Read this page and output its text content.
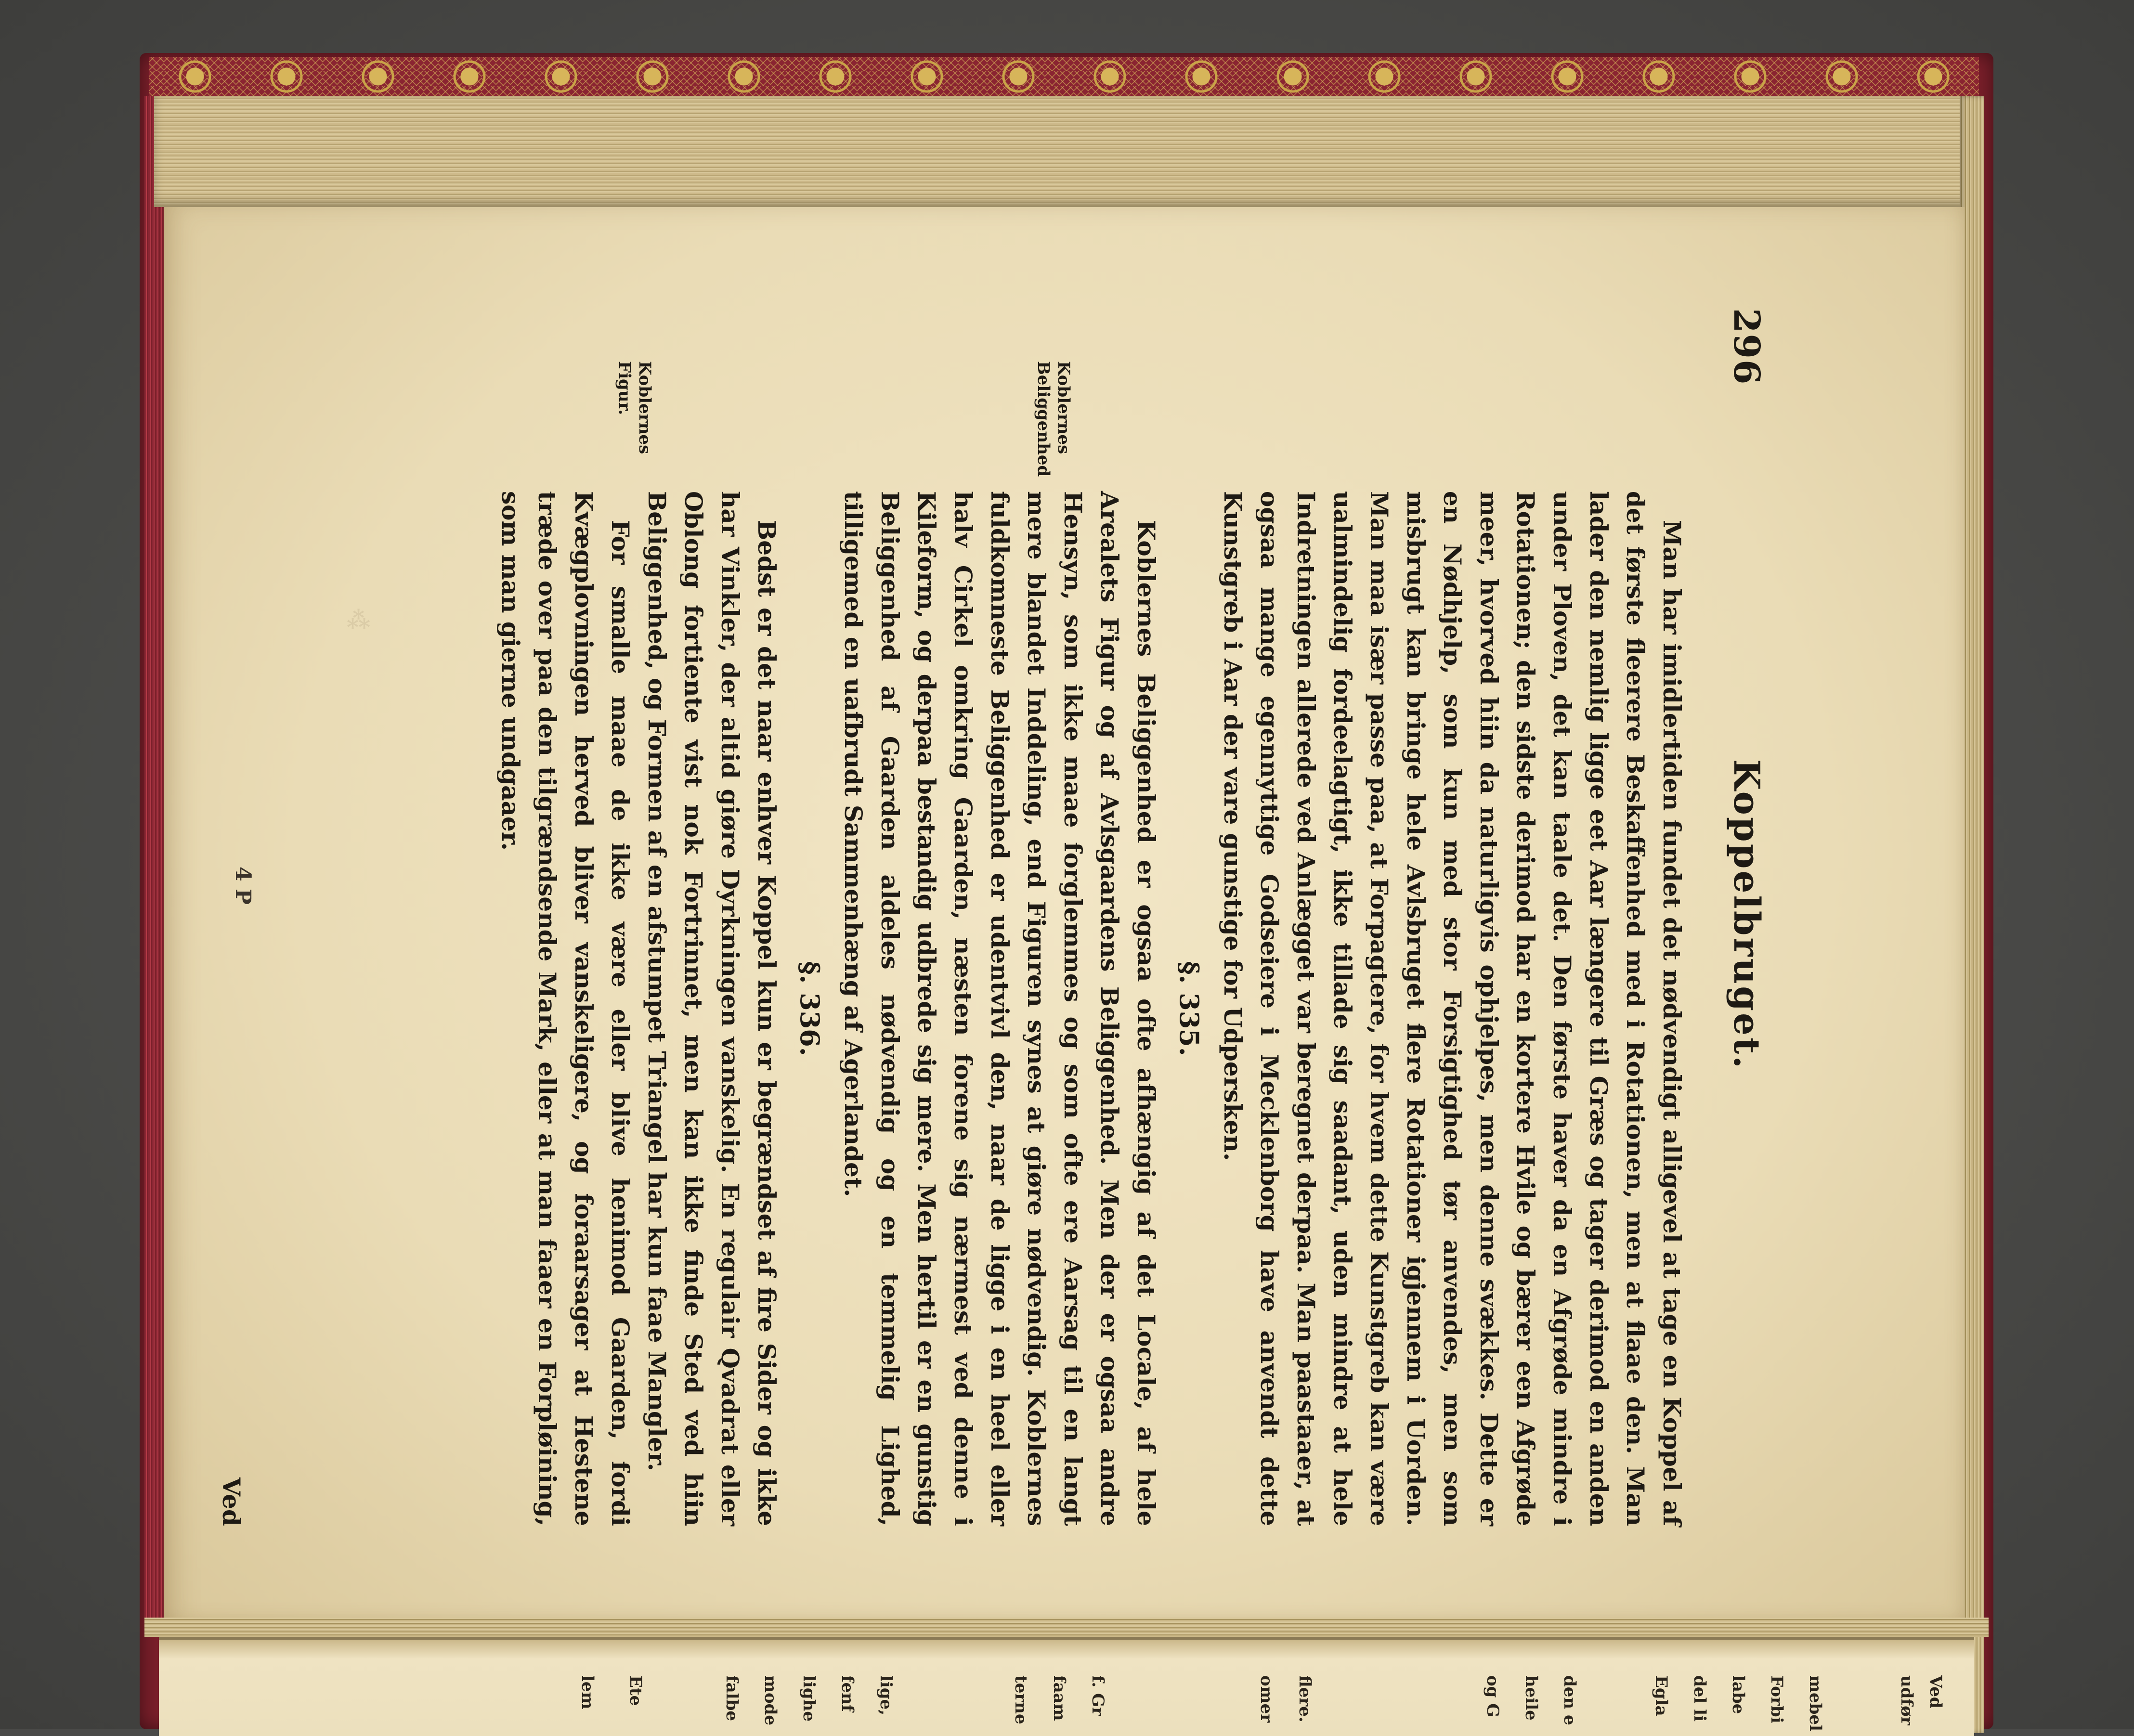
⁂
Ved
udfør
mebel
Forbi
labe
del li
Egla
den e
heile
og G
flere.
omer
f. Gr
faam
terne
lige,
fenf
lighe
mode
falbe
Ete
lem
296
Koppelbruget.
Koblernes Beliggenhed
Koblernes Figur.

Man har imidlertiden fundet det nødvendigt alligevel at tage en Koppel af det første fleerere Beskaffenhed med i Rotationen, men at flaae den. Man lader den nemlig ligge eet Aar længere til Græs og tager derimod en anden under Ploven, det kan taale det. Den første haver da en Afgrøde mindre i Rotationen; den sidste derimod har en kortere Hvile og bærer een Afgrøde meer, hvorved hiin da naturligvis ophjelpes, men denne svækkes. Dette er en Nødhjelp, som kun med stor Forsigtighed tør anvendes, men som misbrugt kan bringe hele Avlsbruget flere Rotationer igjennem i Uorden. Man maa især passe paa, at Forpagtere, for hvem dette Kunstgreb kan være ualmindelig fordeelagtigt, ikke tillade sig saadant, uden mindre at hele Indretningen allerede ved Anlægget var beregnet derpaa. Man paastaaer, at ogsaa mange egennyttige Godseiere i Mecklenborg have anvendt dette Kunstgreb i Aar der vare gunstige for Udpersken.

§. 335.

Koblernes Beliggenhed er ogsaa ofte afhængig af det Locale, af hele Arealets Figur og af Avlsgaardens Beliggenhed. Men der er ogsaa andre Hensyn, som ikke maae forglemmes og som ofte ere Aarsag til en langt mere blandet Inddeling, end Figuren synes at giøre nødvendig. Koblernes fuldkomneste Beliggenhed er udentvivl den, naar de ligge i en heel eller halv Cirkel omkring Gaarden, næsten forene sig nærmest ved denne i Kileform, og derpaa bestandig udbrede sig mere. Men hertil er en gunstig Beliggenhed af Gaarden aldeles nødvendig og en temmelig Lighed, tilligemed en uafbrudt Sammenhæng af Agerlandet.

§. 336.

Bedst er det naar enhver Koppel kun er begrændset af fire Sider og ikke har Vinkler, der altid giøre Dyrkningen vanskelig. En regulair Qvadrat eller Oblong fortiente vist nok Fortrinnet, men kan ikke finde Sted ved hiin Beliggenhed, og Formen af en afstumpet Triangel har kun faae Mangler.

For smalle maae de ikke være eller blive henimod Gaarden, fordi Kvægplovningen herved bliver vanskeligere, og foraarsager at Hestene træde over paa den tilgrændsende Mark, eller at man faaer en Forpløining, som man gierne undgaaer.

4 P
Ved
